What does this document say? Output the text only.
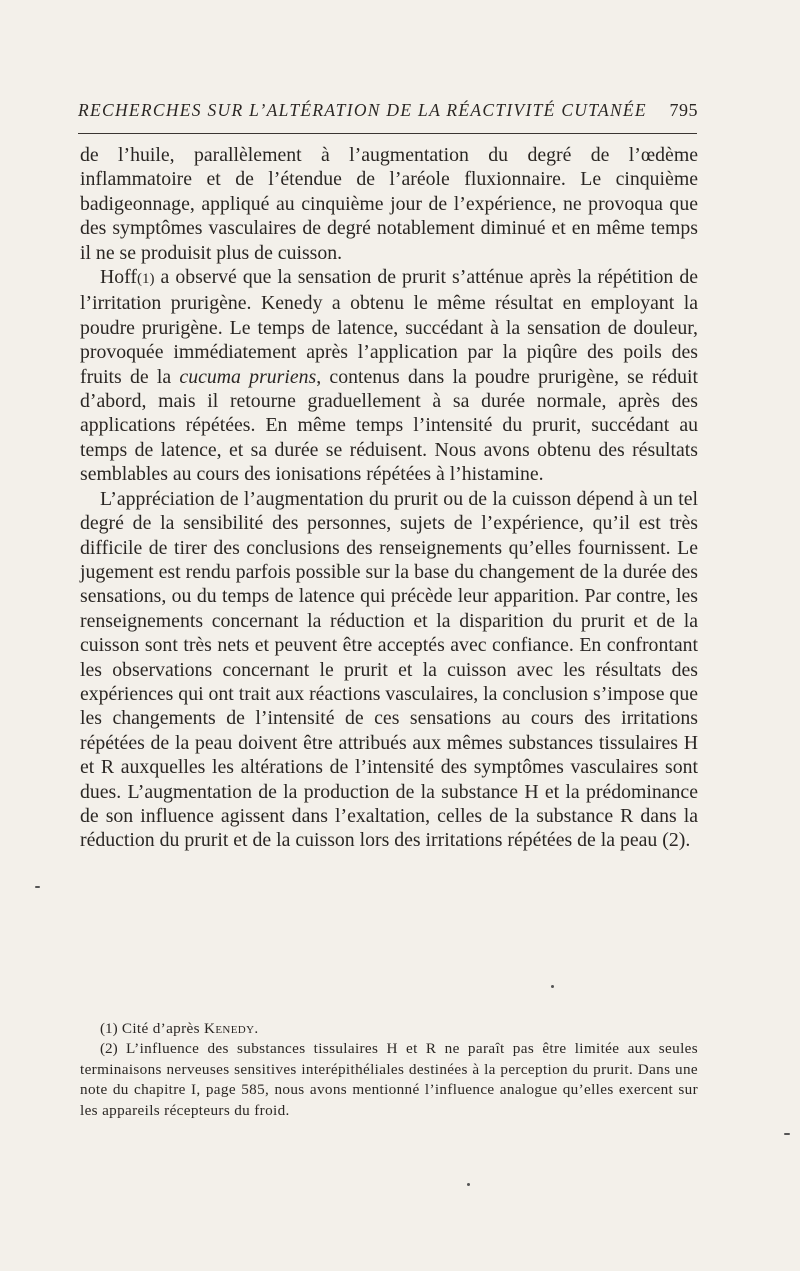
RECHERCHES SUR L’ALTÉRATION DE LA RÉACTIVITÉ CUTANÉE 795

de l’huile, parallèlement à l’augmentation du degré de l’œdème inflammatoire et de l’étendue de l’aréole fluxionnaire. Le cinquième badigeonnage, appliqué au cinquième jour de l’expérience, ne provoqua que des symptômes vasculaires de degré notablement diminué et en même temps il ne se produisit plus de cuisson.

Hoff(1) a observé que la sensation de prurit s’atténue après la répétition de l’irritation prurigène. Kenedy a obtenu le même résultat en employant la poudre prurigène. Le temps de latence, succédant à la sensation de douleur, provoquée immédiatement après l’application par la piqûre des poils des fruits de la cucuma pruriens, contenus dans la poudre prurigène, se réduit d’abord, mais il retourne graduellement à sa durée normale, après des applications répétées. En même temps l’intensité du prurit, succédant au temps de latence, et sa durée se réduisent. Nous avons obtenu des résultats semblables au cours des ionisations répétées à l’histamine.

L’appréciation de l’augmentation du prurit ou de la cuisson dépend à un tel degré de la sensibilité des personnes, sujets de l’expérience, qu’il est très difficile de tirer des conclusions des renseignements qu’elles fournissent. Le jugement est rendu parfois possible sur la base du changement de la durée des sensations, ou du temps de latence qui précède leur apparition. Par contre, les renseignements concernant la réduction et la disparition du prurit et de la cuisson sont très nets et peuvent être acceptés avec confiance. En confrontant les observations concernant le prurit et la cuisson avec les résultats des expériences qui ont trait aux réactions vasculaires, la conclusion s’impose que les changements de l’intensité de ces sensations au cours des irritations répétées de la peau doivent être attribués aux mêmes substances tissulaires H et R auxquelles les altérations de l’intensité des symptômes vasculaires sont dues. L’augmentation de la production de la substance H et la prédominance de son influence agissent dans l’exaltation, celles de la substance R dans la réduction du prurit et de la cuisson lors des irritations répétées de la peau (2).

(1) Cité d’après Kenedy.

(2) L’influence des substances tissulaires H et R ne paraît pas être limitée aux seules terminaisons nerveuses sensitives interépithéliales destinées à la perception du prurit. Dans une note du chapitre I, page 585, nous avons mentionné l’influence analogue qu’elles exercent sur les appareils récepteurs du froid.
